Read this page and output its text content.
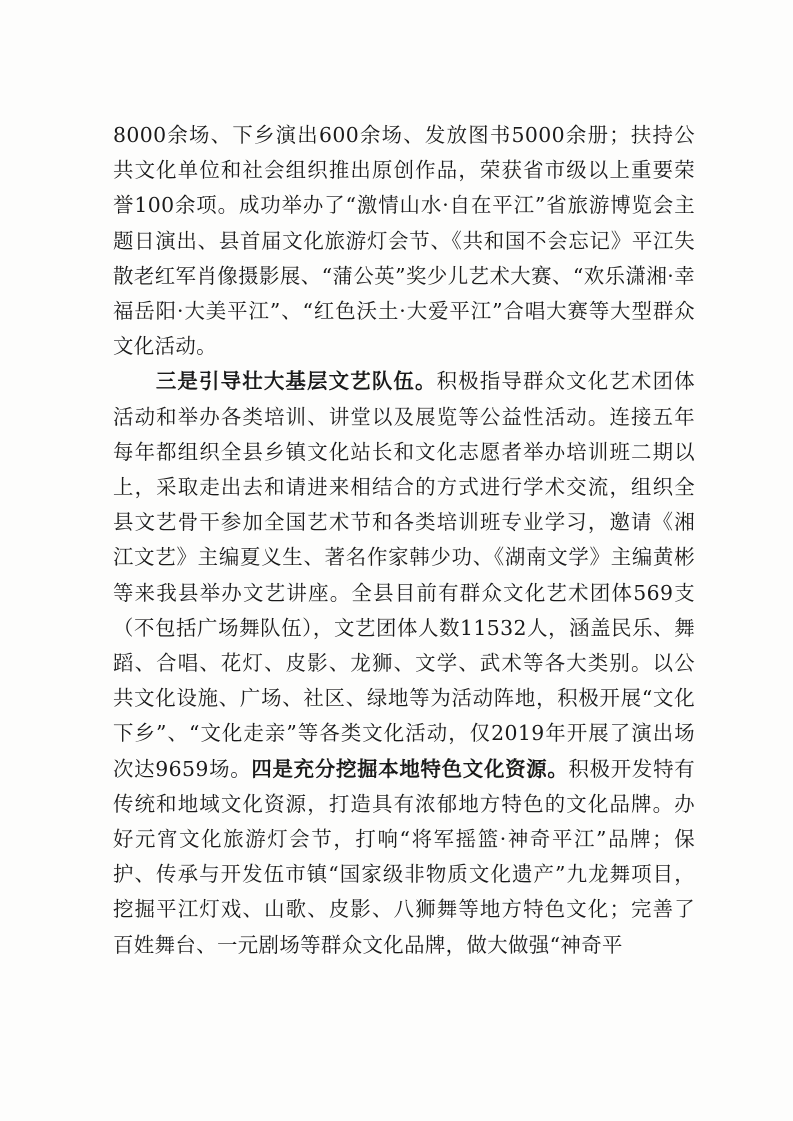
8000余场、下乡演出600余场、发放图书5000余册；扶持公共文化单位和社会组织推出原创作品，荣获省市级以上重要荣誉100余项。成功举办了“激情山水·自在平江”省旅游博览会主题日演出、县首届文化旅游灯会节、《共和国不会忘记》平江失散老红军肖像摄影展、“蒲公英”奖少儿艺术大赛、“欢乐潇湘·幸福岳阳·大美平江”、“红色沃土·大爱平江”合唱大赛等大型群众文化活动。

三是引导壮大基层文艺队伍。积极指导群众文化艺术团体活动和举办各类培训、讲堂以及展览等公益性活动。连接五年每年都组织全县乡镇文化站长和文化志愿者举办培训班二期以上，采取走出去和请进来相结合的方式进行学术交流，组织全县文艺骨干参加全国艺术节和各类培训班专业学习，邀请《湘江文艺》主编夏义生、著名作家韩少功、《湖南文学》主编黄彬等来我县举办文艺讲座。全县目前有群众文化艺术团体569支（不包括广场舞队伍），文艺团体人数11532人，涵盖民乐、舞蹈、合唱、花灯、皮影、龙狮、文学、武术等各大类别。以公共文化设施、广场、社区、绿地等为活动阵地，积极开展“文化下乡”、“文化走亲”等各类文化活动，仅2019年开展了演出场次达9659场。四是充分挖掘本地特色文化资源。积极开发特有传统和地域文化资源，打造具有浓郁地方特色的文化品牌。办好元宵文化旅游灯会节，打响“将军摇篮·神奇平江”品牌；保护、传承与开发伍市镇“国家级非物质文化遗产”九龙舞项目，挖掘平江灯戏、山歌、皮影、八狮舞等地方特色文化；完善了百姓舞台、一元剧场等群众文化品牌，做大做强“神奇平
